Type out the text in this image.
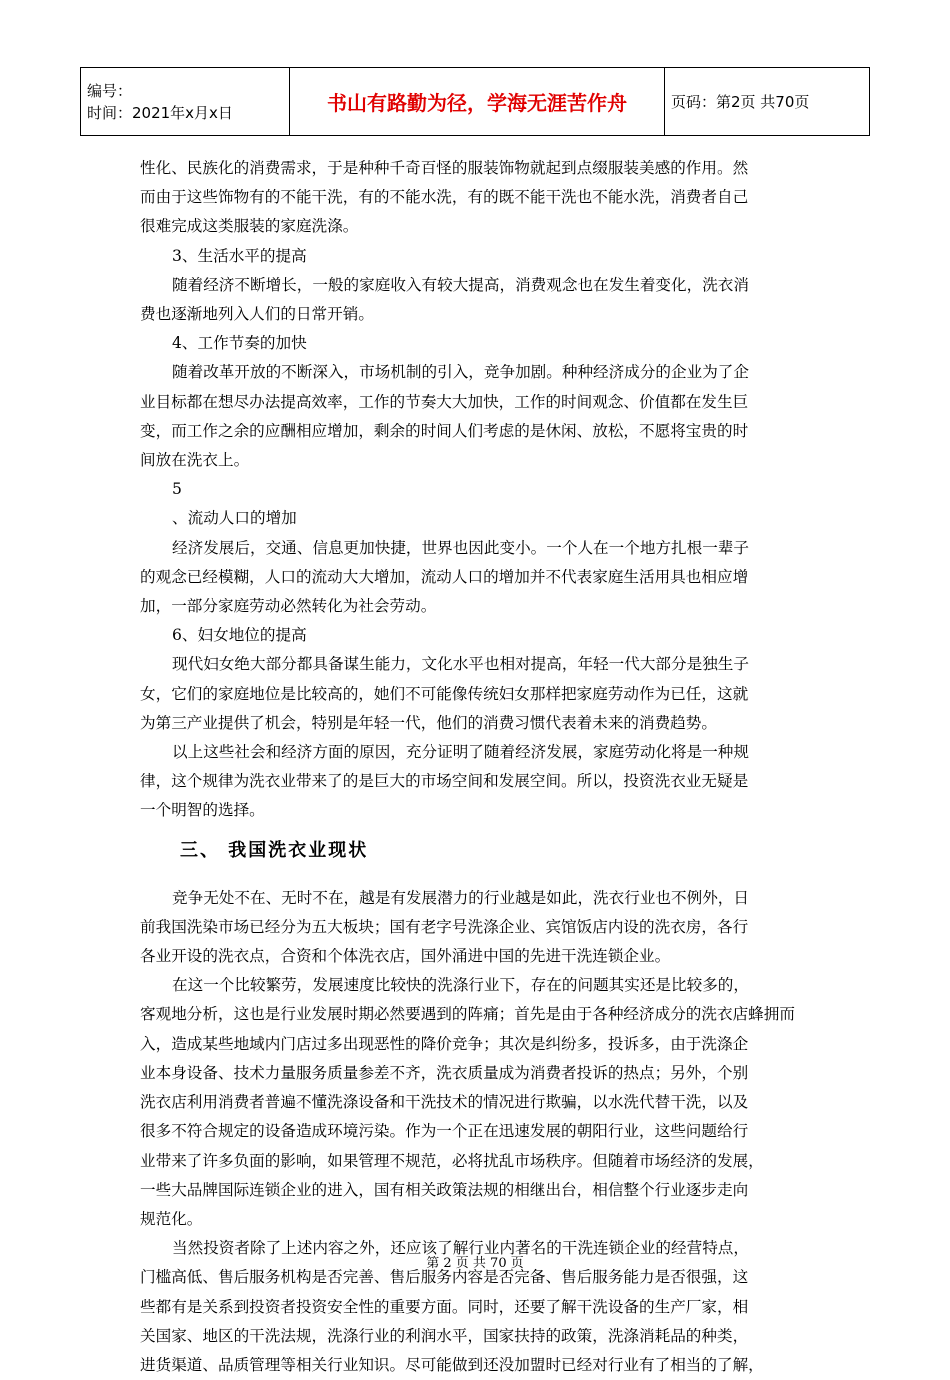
编号：
时间：2021年x月x日	书山有路勤为径，学海无涯苦作舟	页码：第2页 共70页

性化、民族化的消费需求，于是种种千奇百怪的服装饰物就起到点缀服装美感的作用。然

而由于这些饰物有的不能干洗，有的不能水洗，有的既不能干洗也不能水洗，消费者自己

很难完成这类服装的家庭洗涤。

3、生活水平的提高

随着经济不断增长，一般的家庭收入有较大提高，消费观念也在发生着变化，洗衣消

费也逐渐地列入人们的日常开销。

4、工作节奏的加快

随着改革开放的不断深入，市场机制的引入，竞争加剧。种种经济成分的企业为了企

业目标都在想尽办法提高效率，工作的节奏大大加快，工作的时间观念、价值都在发生巨

变，而工作之余的应酬相应增加，剩余的时间人们考虑的是休闲、放松，不愿将宝贵的时

间放在洗衣上。

5

、流动人口的增加

经济发展后，交通、信息更加快捷，世界也因此变小。一个人在一个地方扎根一辈子

的观念已经模糊，人口的流动大大增加，流动人口的增加并不代表家庭生活用具也相应增

加，一部分家庭劳动必然转化为社会劳动。

6、妇女地位的提高

现代妇女绝大部分都具备谋生能力，文化水平也相对提高，年轻一代大部分是独生子

女，它们的家庭地位是比较高的，她们不可能像传统妇女那样把家庭劳动作为已任，这就

为第三产业提供了机会，特别是年轻一代，他们的消费习惯代表着未来的消费趋势。

以上这些社会和经济方面的原因，充分证明了随着经济发展，家庭劳动化将是一种规

律，这个规律为洗衣业带来了的是巨大的市场空间和发展空间。所以，投资洗衣业无疑是

一个明智的选择。

三、 我国洗衣业现状

竞争无处不在、无时不在，越是有发展潜力的行业越是如此，洗衣行业也不例外，日

前我国洗染市场已经分为五大板块；国有老字号洗涤企业、宾馆饭店内设的洗衣房，各行

各业开设的洗衣点，合资和个体洗衣店，国外涌进中国的先进干洗连锁企业。

在这一个比较繁劳，发展速度比较快的洗涤行业下，存在的问题其实还是比较多的，

客观地分析，这也是行业发展时期必然要遇到的阵痛；首先是由于各种经济成分的洗衣店蜂拥而

入，造成某些地域内门店过多出现恶性的降价竞争；其次是纠纷多，投诉多，由于洗涤企

业本身设备、技术力量服务质量参差不齐，洗衣质量成为消费者投诉的热点；另外，个别

洗衣店利用消费者普遍不懂洗涤设备和干洗技术的情况进行欺骗，以水洗代替干洗，以及

很多不符合规定的设备造成环境污染。作为一个正在迅速发展的朝阳行业，这些问题给行

业带来了许多负面的影响，如果管理不规范，必将扰乱市场秩序。但随着市场经济的发展，

一些大品牌国际连锁企业的进入，国有相关政策法规的相继出台，相信整个行业逐步走向

规范化。

当然投资者除了上述内容之外，还应该了解行业内著名的干洗连锁企业的经营特点，

门槛高低、售后服务机构是否完善、售后服务内容是否完备、售后服务能力是否很强，这

些都有是关系到投资者投资安全性的重要方面。同时，还要了解干洗设备的生产厂家，相

关国家、地区的干洗法规，洗涤行业的利润水平，国家扶持的政策，洗涤消耗品的种类，

进货渠道、品质管理等相关行业知识。尽可能做到还没加盟时已经对行业有了相当的了解，

第 2 页 共 70 页
